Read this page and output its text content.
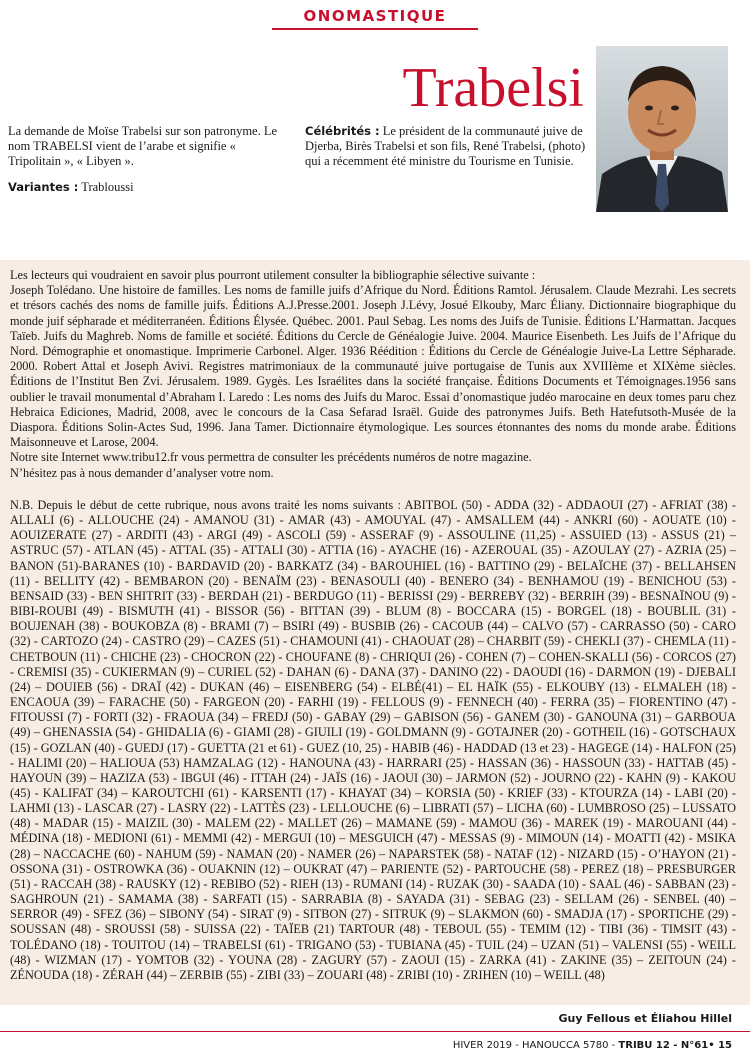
ONOMASTIQUE
Trabelsi

La demande de Moïse Trabelsi sur son patronyme. Le nom TRABELSI vient de l’arabe et signifie « Tripolitain », « Libyen ».

Variantes : Trabloussi
Célébrités : Le président de la communauté juive de Djerba, Birès Trabelsi et son fils, René Trabelsi, (photo) qui a récemment été ministre du Tourisme en Tunisie.

Les lecteurs qui voudraient en savoir plus pourront utilement consulter la bibliographie sélective suivante :

Joseph Tolédano. Une histoire de familles. Les noms de famille juifs d’Afrique du Nord. Éditions Ramtol. Jérusalem. Claude Mezrahi. Les secrets et trésors cachés des noms de famille juifs. Éditions A.J.Presse.2001. Joseph J.Lévy, Josué Elkouby, Marc Éliany. Dictionnaire biographique du monde juif sépharade et méditerranéen. Éditions Élysée. Québec. 2001. Paul Sebag. Les noms des Juifs de Tunisie. Éditions L’Harmattan. Jacques Taïeb. Juifs du Maghreb. Noms de famille et société. Éditions du Cercle de Généalogie Juive. 2004. Maurice Eisenbeth. Les Juifs de l’Afrique du Nord. Démographie et onomastique. Imprimerie Carbonel. Alger. 1936 Réédition : Éditions du Cercle de Généalogie Juive-La Lettre Sépharade. 2000. Robert Attal et Joseph Avivi. Registres matrimoniaux de la communauté juive portugaise de Tunis aux XVIIIème et XIXème siècles. Éditions de l’Institut Ben Zvi. Jérusalem. 1989. Gygès. Les Israélites dans la société française. Éditions Documents et Témoignages.1956 sans oublier le travail monumental d’Abraham I. Laredo : Les noms des Juifs du Maroc. Essai d’onomastique judéo marocaine en deux tomes paru chez Hebraica Ediciones, Madrid, 2008, avec le concours de la Casa Sefarad Israël. Guide des patronymes Juifs. Beth Hatefutsoth-Musée de la Diaspora. Éditions Solin-Actes Sud, 1996. Jana Tamer. Dictionnaire étymologique. Les sources étonnantes des noms du monde arabe. Éditions Maisonneuve et Larose, 2004.

Notre site Internet www.tribu12.fr vous permettra de consulter les précédents numéros de notre magazine.

N’hésitez pas à nous demander d’analyser votre nom.

N.B. Depuis le début de cette rubrique, nous avons traité les noms suivants : ABITBOL (50) - ADDA (32) - ADDAOUI (27) - AFRIAT (38) - ALLALI (6) - ALLOUCHE (24) - AMANOU (31) - AMAR (43) - AMOUYAL (47) - AMSALLEM (44) - ANKRI (60) - AOUATE (10) - AOUIZERATE (27) - ARDITI (43) - ARGI (49) - ASCOLI (59) - ASSERAF (9) - ASSOULINE (11,25) - ASSUIED (13) - ASSUS (21) – ASTRUC (57) - ATLAN (45) - ATTAL (35) - ATTALI (30) - ATTIA (16) - AYACHE (16) - AZEROUAL (35) - AZOULAY (27) - AZRIA (25) – BANON (51)-BARANES (10) - BARDAVID (20) - BARKATZ (34) - BAROUHIEL (16) - BATTINO (29) - BELAÏCHE (37) - BELLAHSEN (11) - BELLITY (42) - BEMBARON (20) - BENAÏM (23) - BENASOULI (40) - BENERO (34) - BENHAMOU (19) - BENICHOU (53) - BENSAID (33) - BEN SHITRIT (33) - BERDAH (21) - BERDUGO (11) - BERISSI (29) - BERREBY (32) - BERRIH (39) - BESNAÏNOU (9) - BIBI-ROUBI (49) - BISMUTH (41) - BISSOR (56) - BITTAN (39) - BLUM (8) - BOCCARA (15) - BORGEL (18) - BOUBLIL (31) - BOUJENAH (38) - BOUKOBZA (8) - BRAMI (7) – BSIRI (49) - BUSBIB (26) - CACOUB (44) – CALVO (57) - CARRASSO (50) - CARO (32) - CARTOZO (24) - CASTRO (29) – CAZES (51) - CHAMOUNI (41) - CHAOUAT (28) – CHARBIT (59) - CHEKLI (37) - CHEMLA (11) - CHETBOUN (11) - CHICHE (23) - CHOCRON (22) - CHOUFANE (8) - CHRIQUI (26) - COHEN (7) – COHEN-SKALLI (56) - CORCOS (27) - CREMISI (35) - CUKIERMAN (9) – CURIEL (52) - DAHAN (6) - DANA (37) - DANINO (22) - DAOUDI (16) - DARMON (19) - DJEBALI (24) – DOUIEB (56) - DRAÏ (42) - DUKAN (46) – EISENBERG (54) - ELBÉ(41) – EL HAÏK (55) - ELKOUBY (13) - ELMALEH (18) - ENCAOUA (39) – FARACHE (50) - FARGEON (20) - FARHI (19) - FELLOUS (9) - FENNECH (40) - FERRA (35) – FIORENTINO (47) - FITOUSSI (7) - FORTI (32) - FRAOUA (34) – FREDJ (50) - GABAY (29) – GABISON (56) - GANEM (30) - GANOUNA (31) – GARBOUA (49) – GHENASSIA (54) - GHIDALIA (6) - GIAMI (28) - GIUILI (19) - GOLDMANN (9) - GOTAJNER (20) - GOTHEIL (16) - GOTSCHAUX (15) - GOZLAN (40) - GUEDJ (17) - GUETTA (21 et 61) - GUEZ (10, 25) - HABIB (46) - HADDAD (13 et 23) - HAGEGE (14) - HALFON (25) - HALIMI (20) – HALIOUA (53) HAMZALAG (12) - HANOUNA (43) - HARRARI (25) - HASSAN (36) - HASSOUN (33) - HATTAB (45) - HAYOUN (39) – HAZIZA (53) - IBGUI (46) - ITTAH (24) - JAÏS (16) - JAOUI (30) – JARMON (52) - JOURNO (22) - KAHN (9) - KAKOU (45) - KALIFAT (34) – KAROUTCHI (61) - KARSENTI (17) - KHAYAT (34) – KORSIA (50) - KRIEF (33) - KTOURZA (14) - LABI (20) - LAHMI (13) - LASCAR (27) - LASRY (22) - LATTÈS (23) - LELLOUCHE (6) – LIBRATI (57) – LICHA (60) - LUMBROSO (25) – LUSSATO (48) - MADAR (15) - MAIZIL (30) - MALEM (22) - MALLET (26) – MAMANE (59) - MAMOU (36) - MAREK (19) - MAROUANI (44) - MÉDINA (18) - MEDIONI (61) - MEMMI (42) - MERGUI (10) – MESGUICH (47) - MESSAS (9) - MIMOUN (14) - MOATTI (42) - MSIKA (28) – NACCACHE (60) - NAHUM (59) - NAMAN (20) - NAMER (26) – NAPARSTEK (58) - NATAF (12) - NIZARD (15) - O’HAYON (21) - OSSONA (31) - OSTROWKA (36) - OUAKNIN (12) – OUKRAT (47) – PARIENTE (52) - PARTOUCHE (58) - PEREZ (18) – PRESBURGER (51) - RACCAH (38) - RAUSKY (12) - REBIBO (52) - RIEH (13) - RUMANI (14) - RUZAK (30) - SAADA (10) - SAAL (46) - SABBAN (23) - SAGHROUN (21) - SAMAMA (38) - SARFATI (15) - SARRABIA (8) - SAYADA (31) - SEBAG (23) - SELLAM (26) - SENBEL (40) – SERROR (49) - SFEZ (36) – SIBONY (54) - SIRAT (9) - SITBON (27) - SITRUK (9) – SLAKMON (60) - SMADJA (17) - SPORTICHE (29) - SOUSSAN (48) - SROUSSI (58) - SUISSA (22) - TAÏEB (21) TARTOUR (48) - TEBOUL (55) - TEMIM (12) - TIBI (36) - TIMSIT (43) - TOLÉDANO (18) - TOUITOU (14) – TRABELSI (61) - TRIGANO (53) - TUBIANA (45) - TUIL (24) – UZAN (51) – VALENSI (55) - WEILL (48) - WIZMAN (17) - YOMTOB (32) - YOUNA (28) - ZAGURY (57) - ZAOUI (15) - ZARKA (41) - ZAKINE (35) – ZEITOUN (24) - ZÉNOUDA (18) - ZÉRAH (44) – ZERBIB (55) - ZIBI (33) – ZOUARI (48) - ZRIBI (10) - ZRIHEN (10) – WEILL (48)
Guy Fellous et Éliahou Hillel
HIVER 2019 - HANOUCCA 5780 - TRIBU 12 - N°61• 15
